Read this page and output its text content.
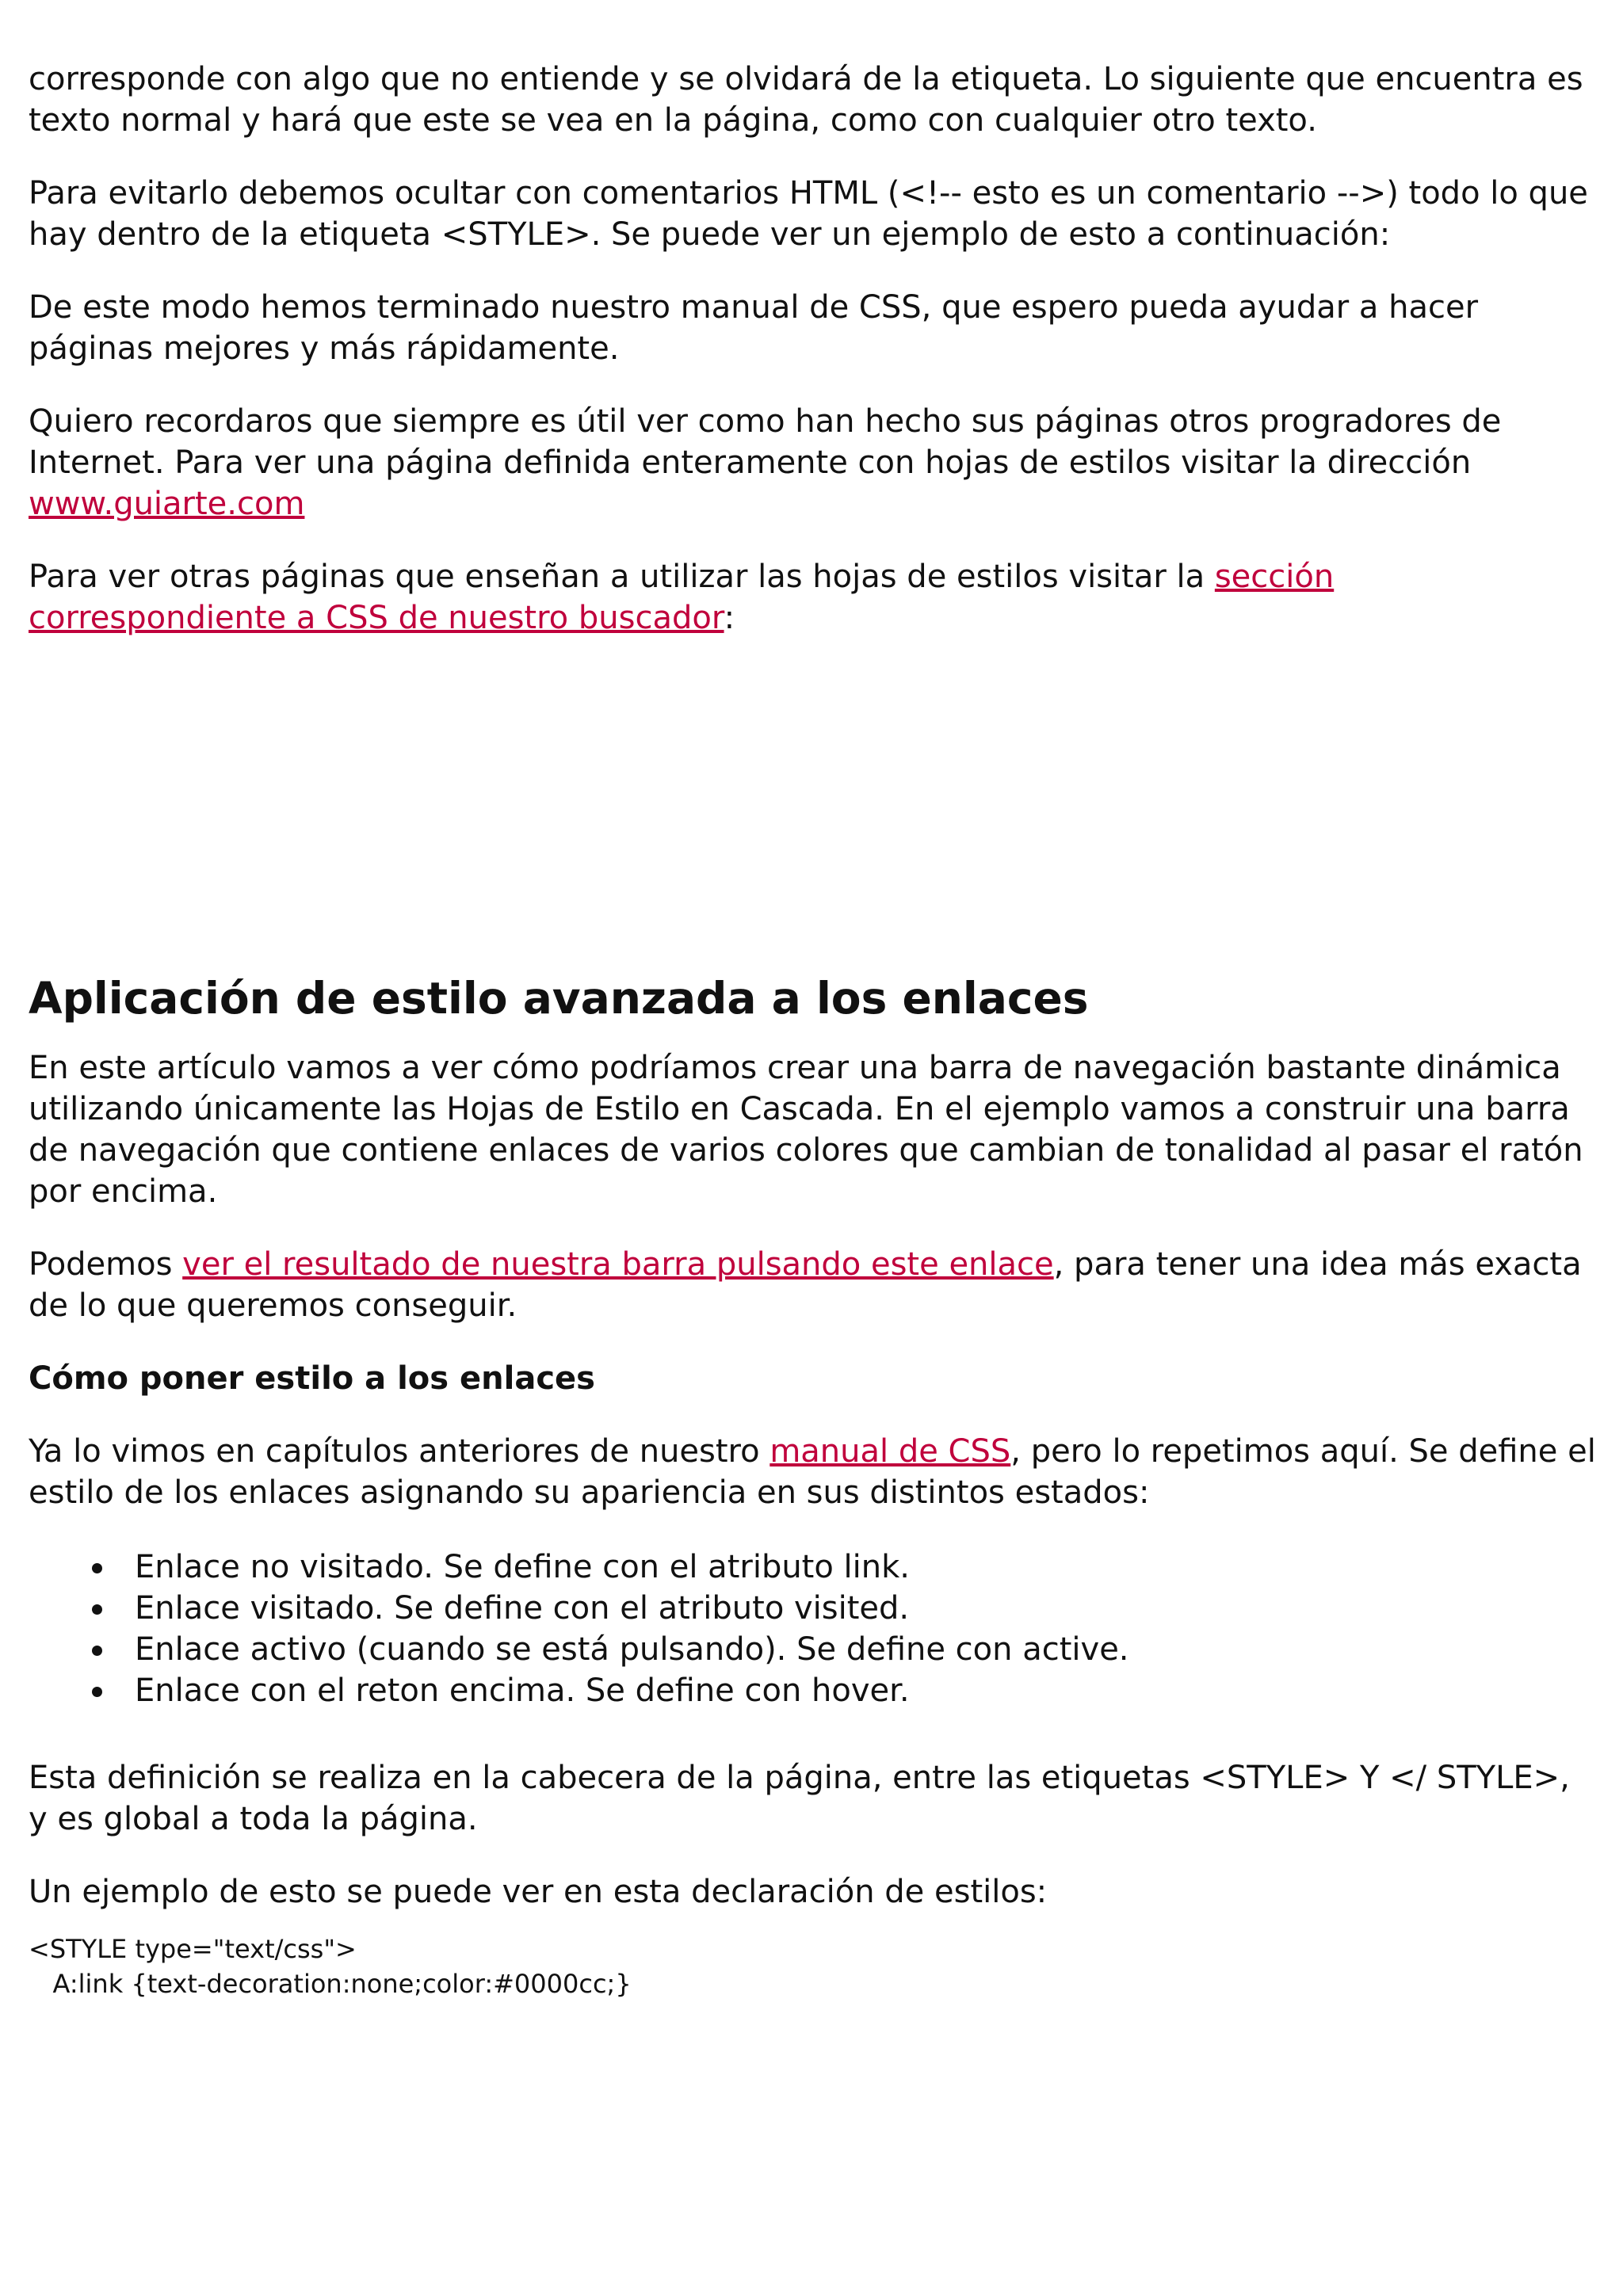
corresponde con algo que no entiende y se olvidará de la etiqueta. Lo siguiente que encuentra es texto normal y hará que este se vea en la página, como con cualquier otro texto.

Para evitarlo debemos ocultar con comentarios HTML (<!-- esto es un comentario -->) todo lo que hay dentro de la etiqueta <STYLE>. Se puede ver un ejemplo de esto a continuación:

De este modo hemos terminado nuestro manual de CSS, que espero pueda ayudar a hacer páginas mejores y más rápidamente.

Quiero recordaros que siempre es útil ver como han hecho sus páginas otros progradores de Internet. Para ver una página definida enteramente con hojas de estilos visitar la dirección www.guiarte.com

Para ver otras páginas que enseñan a utilizar las hojas de estilos visitar la sección correspondiente a CSS de nuestro buscador:

Aplicación de estilo avanzada a los enlaces

En este artículo vamos a ver cómo podríamos crear una barra de navegación bastante dinámica utilizando únicamente las Hojas de Estilo en Cascada. En el ejemplo vamos a construir una barra de navegación que contiene enlaces de varios colores que cambian de tonalidad al pasar el ratón por encima.

Podemos ver el resultado de nuestra barra pulsando este enlace, para tener una idea más exacta de lo que queremos conseguir.

Cómo poner estilo a los enlaces

Ya lo vimos en capítulos anteriores de nuestro manual de CSS, pero lo repetimos aquí. Se define el estilo de los enlaces asignando su apariencia en sus distintos estados:

Enlace no visitado. Se define con el atributo link.
Enlace visitado. Se define con el atributo visited.
Enlace activo (cuando se está pulsando). Se define con active.
Enlace con el reton encima. Se define con hover.

Esta definición se realiza en la cabecera de la página, entre las etiquetas <STYLE> Y </ STYLE>, y es global a toda la página.

Un ejemplo de esto se puede ver en esta declaración de estilos:

<STYLE type="text/css">
A:link {text-decoration:none;color:#0000cc;}
